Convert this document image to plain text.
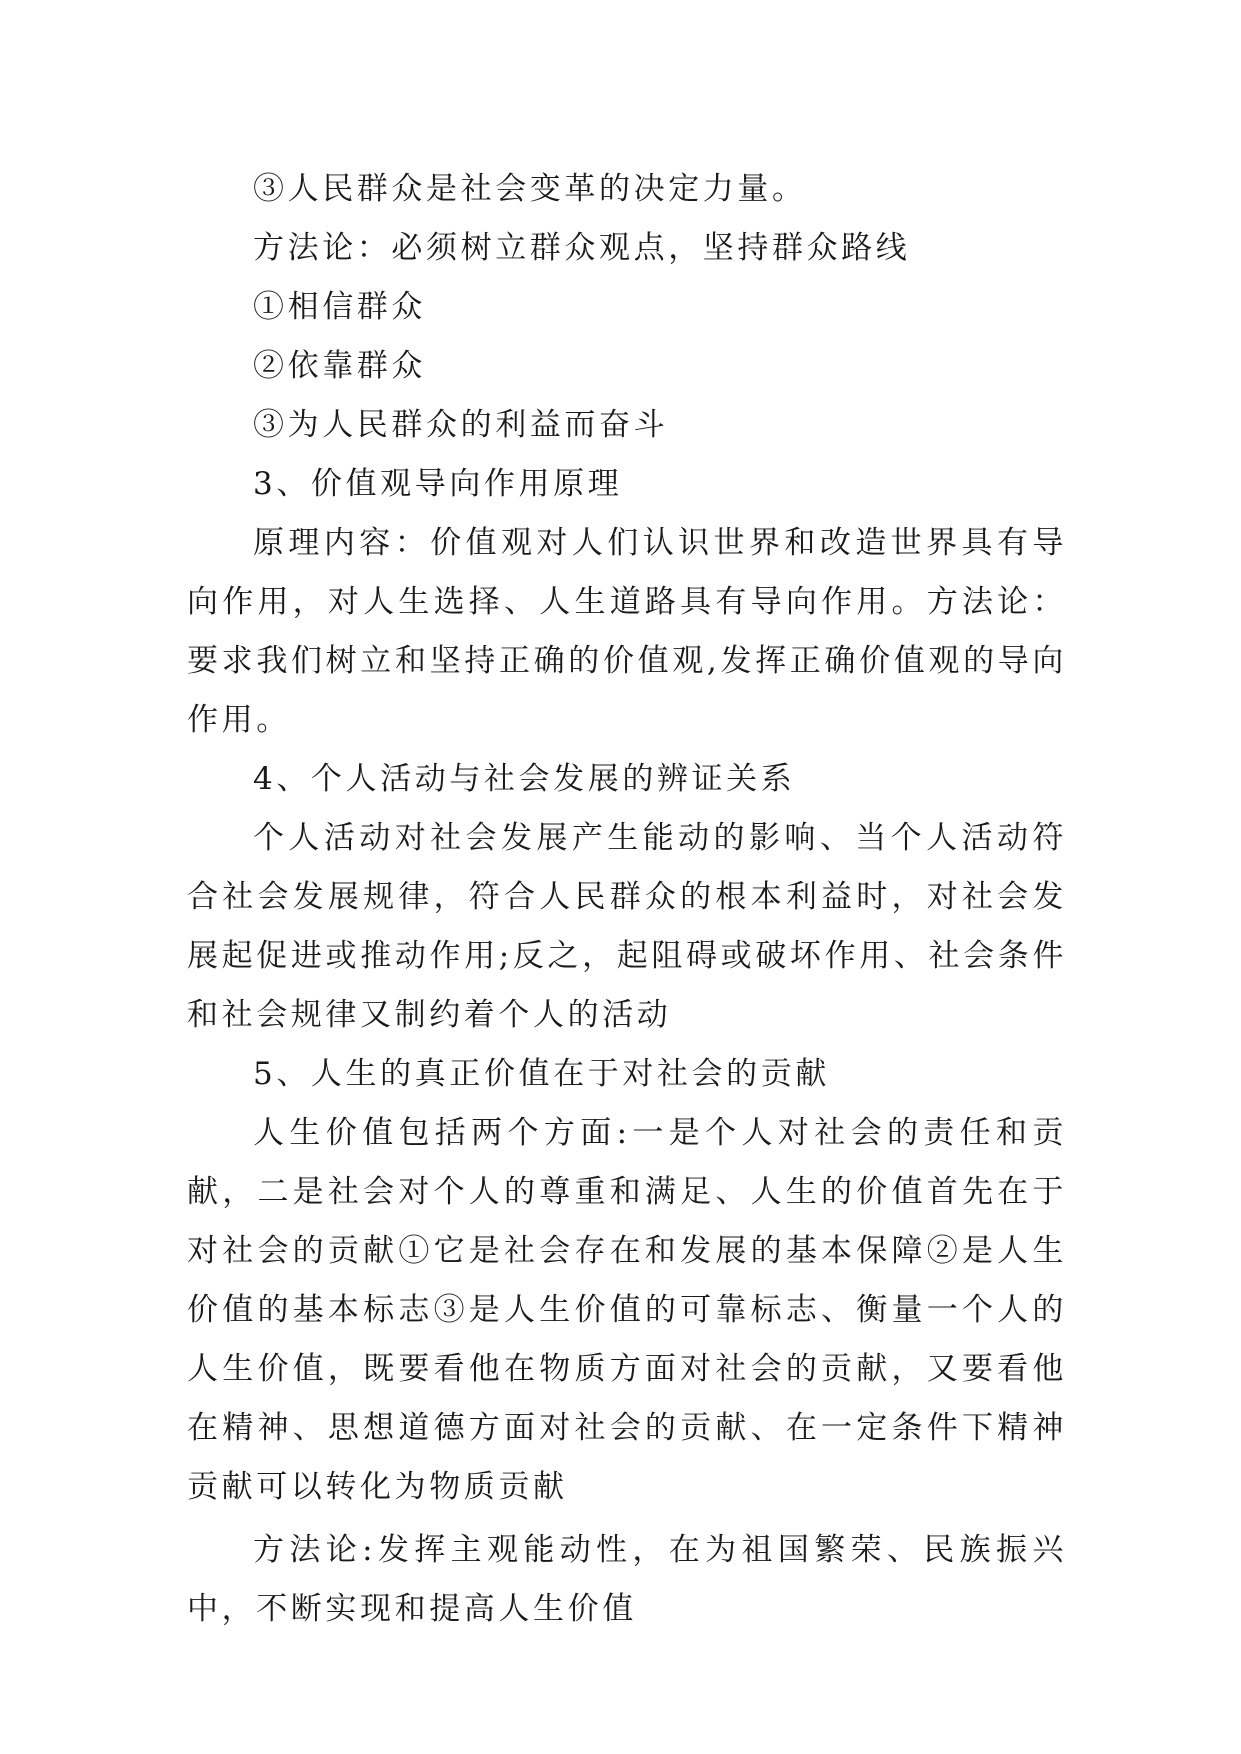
③人民群众是社会变革的决定力量。

方法论：必须树立群众观点，坚持群众路线

①相信群众

②依靠群众

③为人民群众的利益而奋斗

3、价值观导向作用原理

原理内容：价值观对人们认识世界和改造世界具有导向作用，对人生选择、人生道路具有导向作用。方法论：要求我们树立和坚持正确的价值观,发挥正确价值观的导向作用。

4、个人活动与社会发展的辨证关系

个人活动对社会发展产生能动的影响、当个人活动符合社会发展规律，符合人民群众的根本利益时，对社会发展起促进或推动作用;反之，起阻碍或破坏作用、社会条件和社会规律又制约着个人的活动

5、人生的真正价值在于对社会的贡献

人生价值包括两个方面:一是个人对社会的责任和贡献，二是社会对个人的尊重和满足、人生的价值首先在于对社会的贡献①它是社会存在和发展的基本保障②是人生价值的基本标志③是人生价值的可靠标志、衡量一个人的人生价值，既要看他在物质方面对社会的贡献，又要看他在精神、思想道德方面对社会的贡献、在一定条件下精神贡献可以转化为物质贡献

方法论:发挥主观能动性，在为祖国繁荣、民族振兴中，不断实现和提高人生价值
